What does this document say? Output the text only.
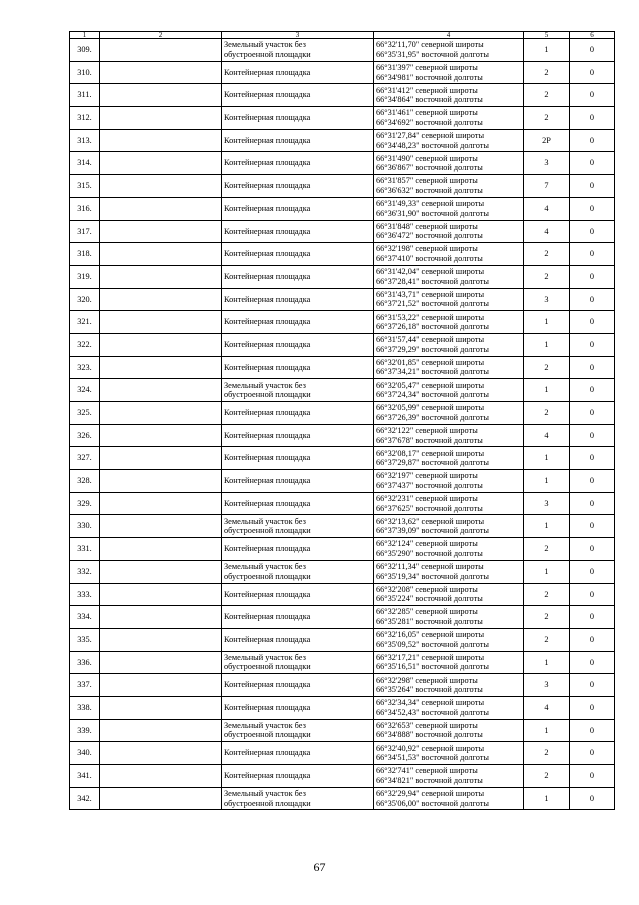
1	2	3	4	5	6
309.		Земельный участок без
обустроенной площадки	66°32'11,70" северной широты
66°35'31,95" восточной долготы	1	0
310.		Контейнерная площадка	66°31'397" северной широты
66°34'981" восточной долготы	2	0
311.		Контейнерная площадка	66°31'412" северной широты
66°34'864" восточной долготы	2	0
312.		Контейнерная площадка	66°31'461" северной широты
66°34'692" восточной долготы	2	0
313.		Контейнерная площадка	66°31'27,84" северной широты
66°34'48,23" восточной долготы	2Р	0
314.		Контейнерная площадка	66°31'490" северной широты
66°36'867" восточной долготы	3	0
315.		Контейнерная площадка	66°31'857" северной широты
66°36'632" восточной долготы	7	0
316.		Контейнерная площадка	66°31'49,33" северной широты
66°36'31,90" восточной долготы	4	0
317.		Контейнерная площадка	66°31'848" северной широты
66°36'472" восточной долготы	4	0
318.		Контейнерная площадка	66°32'198" северной широты
66°37'410" восточной долготы	2	0
319.		Контейнерная площадка	66°31'42,04" северной широты
66°37'28,41" восточной долготы	2	0
320.		Контейнерная площадка	66°31'43,71" северной широты
66°37'21,52" восточной долготы	3	0
321.		Контейнерная площадка	66°31'53,22" северной широты
66°37'26,18" восточной долготы	1	0
322.		Контейнерная площадка	66°31'57,44" северной широты
66°37'29,29" восточной долготы	1	0
323.		Контейнерная площадка	66°32'01,85" северной широты
66°37'34,21" восточной долготы	2	0
324.		Земельный участок без
обустроенной площадки	66°32'05,47" северной широты
66°37'24,34" восточной долготы	1	0
325.		Контейнерная площадка	66°32'05,99" северной широты
66°37'26,39" восточной долготы	2	0
326.		Контейнерная площадка	66°32'122" северной широты
66°37'678" восточной долготы	4	0
327.		Контейнерная площадка	66°32'08,17" северной широты
66°37'29,87" восточной долготы	1	0
328.		Контейнерная площадка	66°32'197" северной широты
66°37'437" восточной долготы	1	0
329.		Контейнерная площадка	66°32'231" северной широты
66°37'625" восточной долготы	3	0
330.		Земельный участок без
обустроенной площадки	66°32'13,62" северной широты
66°37'39,09" восточной долготы	1	0
331.		Контейнерная площадка	66°32'124" северной широты
66°35'290" восточной долготы	2	0
332.		Земельный участок без
обустроенной площадки	66°32'11,34" северной широты
66°35'19,34" восточной долготы	1	0
333.		Контейнерная площадка	66°32'208" северной широты
66°35'224" восточной долготы	2	0
334.		Контейнерная площадка	66°32'285" северной широты
66°35'281" восточной долготы	2	0
335.		Контейнерная площадка	66°32'16,05" северной широты
66°35'09,52" восточной долготы	2	0
336.		Земельный участок без
обустроенной площадки	66°32'17,21" северной широты
66°35'16,51" восточной долготы	1	0
337.		Контейнерная площадка	66°32'298" северной широты
66°35'264" восточной долготы	3	0
338.		Контейнерная площадка	66°32'34,34" северной широты
66°34'52,43" восточной долготы	4	0
339.		Земельный участок без
обустроенной площадки	66°32'653" северной широты
66°34'888" восточной долготы	1	0
340.		Контейнерная площадка	66°32'40,92" северной широты
66°34'51,53" восточной долготы	2	0
341.		Контейнерная площадка	66°32'741" северной широты
66°34'821" восточной долготы	2	0
342.		Земельный участок без
обустроенной площадки	66°32'29,94" северной широты
66°35'06,00" восточной долготы	1	0
67
